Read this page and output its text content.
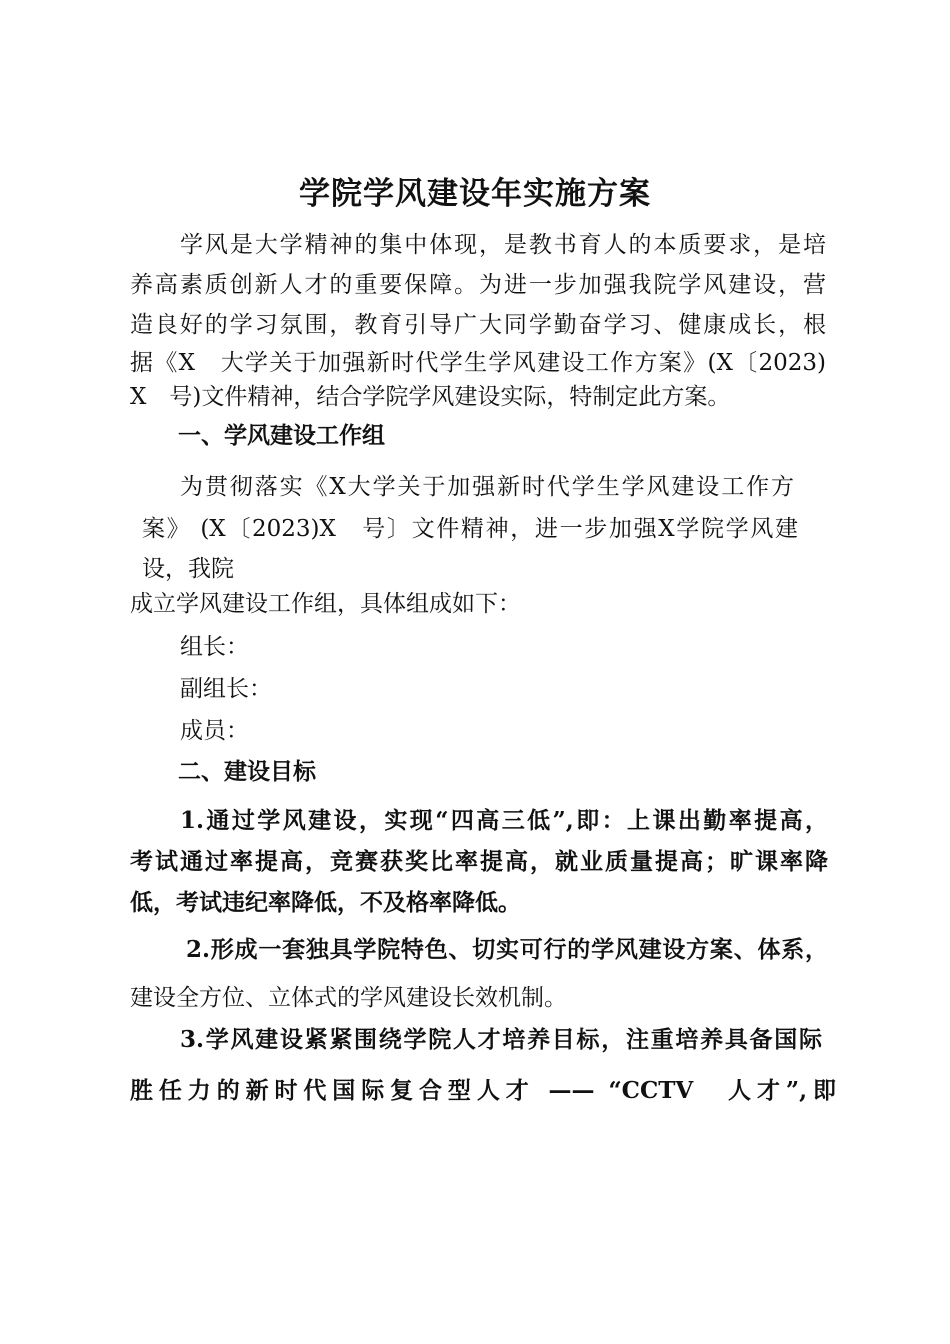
学院学风建设年实施方案
学风是大学精神的集中体现，是教书育人的本质要求，是培
养高素质创新人才的重要保障。为进一步加强我院学风建设，营
造良好的学习氛围，教育引导广大同学勤奋学习、健康成长，根
据《X　大学关于加强新时代学生学风建设工作方案》(X〔2023)
X　号)文件精神，结合学院学风建设实际，特制定此方案。
一、学风建设工作组
为贯彻落实《X大学关于加强新时代学生学风建设工作方
案》 (X〔2023)X　号〕文件精神，进一步加强X学院学风建
设，我院
成立学风建设工作组，具体组成如下：
组长：
副组长：
成员：
二、建设目标
1.通过学风建设，实现“四高三低”,即：上课出勤率提高，
考试通过率提高，竞赛获奖比率提高，就业质量提高；旷课率降
低，考试违纪率降低，不及格率降低。
2.形成一套独具学院特色、切实可行的学风建设方案、体系，
建设全方位、立体式的学风建设长效机制。
3.学风建设紧紧围绕学院人才培养目标，注重培养具备国际
胜任力的新时代国际复合型人才 —— “CCTV　人才”,即
